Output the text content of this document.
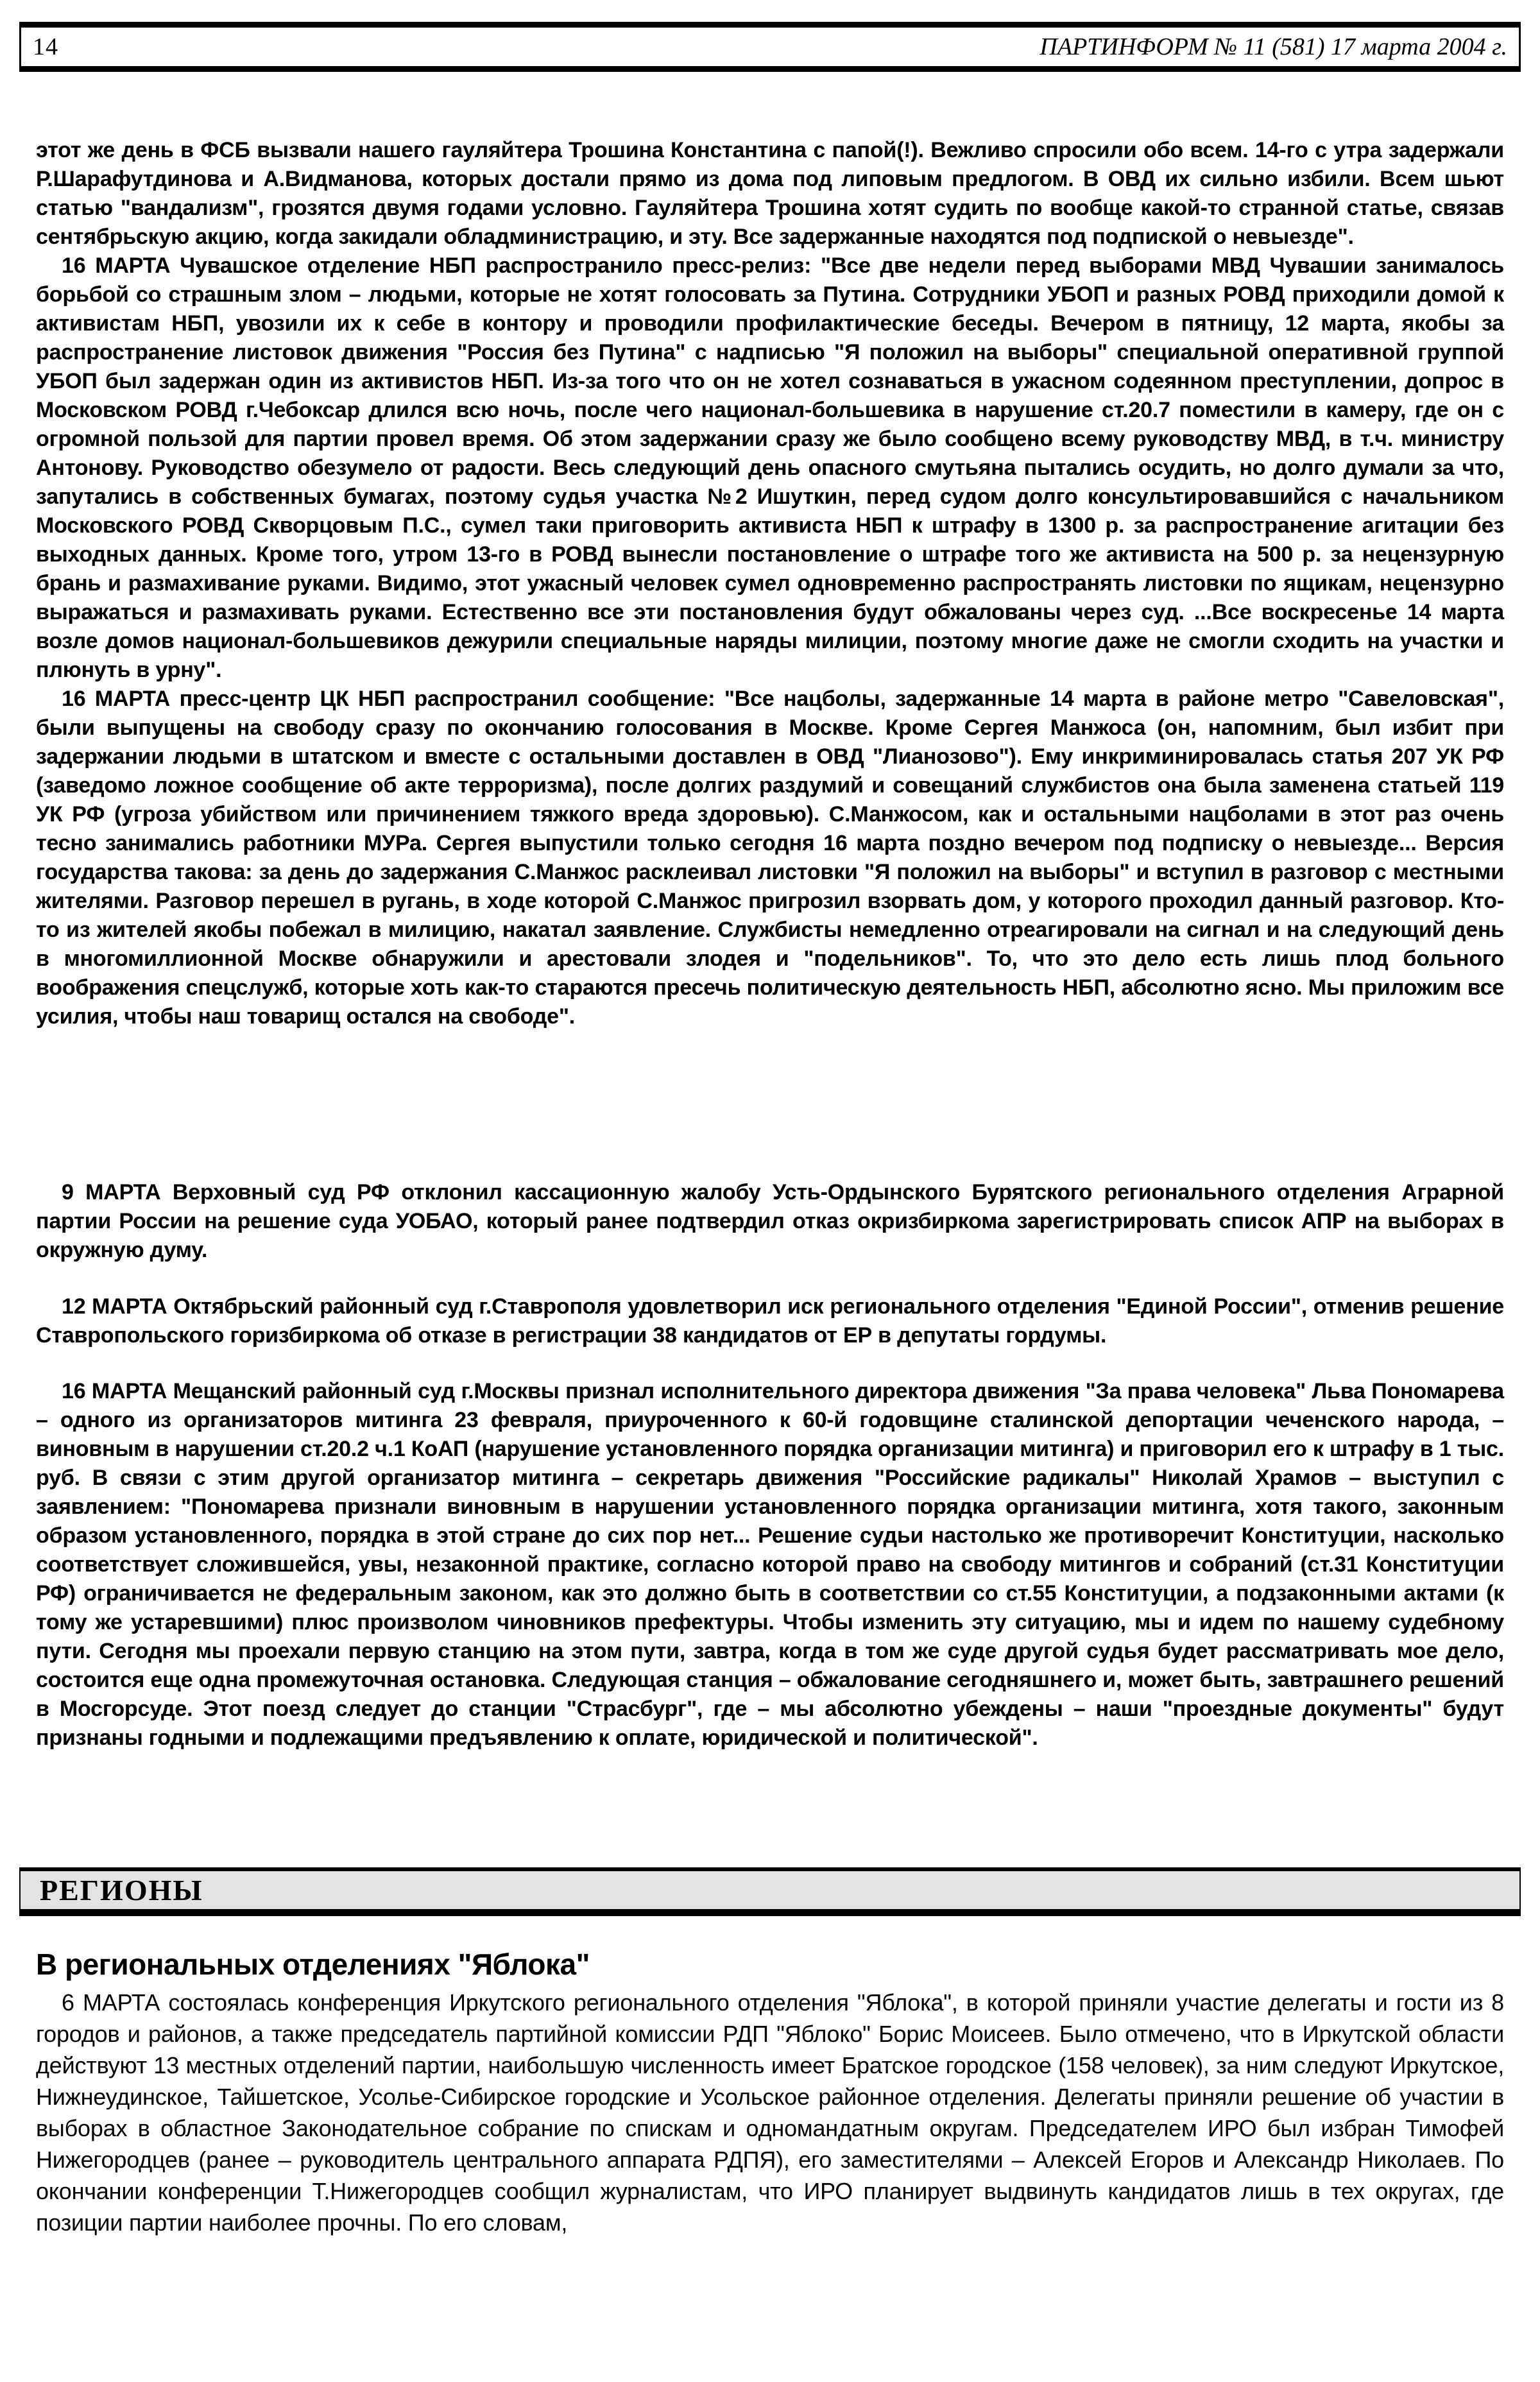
14	ПАРТИНФОРМ № 11 (581) 17 марта 2004 г.

этот же день в ФСБ вызвали нашего гауляйтера Трошина Константина с папой(!). Вежливо спросили обо всем. 14-го с утра задержали Р.Шарафутдинова и А.Видманова, которых достали прямо из дома под липовым предлогом. В ОВД их сильно избили. Всем шьют статью "вандализм", грозятся двумя годами условно. Гауляйтера Трошина хотят судить по вообще какой-то странной статье, связав сентябрьскую акцию, когда закидали обладминистрацию, и эту. Все задержанные находятся под подпиской о невыезде".

16 МАРТА Чувашское отделение НБП распространило пресс-релиз: "Все две недели перед выборами МВД Чувашии занималось борьбой со страшным злом – людьми, которые не хотят голосовать за Путина. Сотрудники УБОП и разных РОВД приходили домой к активистам НБП, увозили их к себе в контору и проводили профилактические беседы. Вечером в пятницу, 12 марта, якобы за распространение листовок движения "Россия без Путина" с надписью "Я положил на выборы" специальной оперативной группой УБОП был задержан один из активистов НБП. Из-за того что он не хотел сознаваться в ужасном содеянном преступлении, допрос в Московском РОВД г.Чебоксар длился всю ночь, после чего национал-большевика в нарушение ст.20.7 поместили в камеру, где он с огромной пользой для партии провел время. Об этом задержании сразу же было сообщено всему руководству МВД, в т.ч. министру Антонову. Руководство обезумело от радости. Весь следующий день опасного смутьяна пытались осудить, но долго думали за что, запутались в собственных бумагах, поэтому судья участка №2 Ишуткин, перед судом долго консультировавшийся с начальником Московского РОВД Скворцовым П.С., сумел таки приговорить активиста НБП к штрафу в 1300 р. за распространение агитации без выходных данных. Кроме того, утром 13-го в РОВД вынесли постановление о штрафе того же активиста на 500 р. за нецензурную брань и размахивание руками. Видимо, этот ужасный человек сумел одновременно распространять листовки по ящикам, нецензурно выражаться и размахивать руками. Естественно все эти постановления будут обжалованы через суд. ...Все воскресенье 14 марта возле домов национал-большевиков дежурили специальные наряды милиции, поэтому многие даже не смогли сходить на участки и плюнуть в урну".

16 МАРТА пресс-центр ЦК НБП распространил сообщение: "Все нацболы, задержанные 14 марта в районе метро "Савеловская", были выпущены на свободу сразу по окончанию голосования в Москве. Кроме Сергея Манжоса (он, напомним, был избит при задержании людьми в штатском и вместе с остальными доставлен в ОВД "Лианозово"). Ему инкриминировалась статья 207 УК РФ (заведомо ложное сообщение об акте терроризма), после долгих раздумий и совещаний службистов она была заменена статьей 119 УК РФ (угроза убийством или причинением тяжкого вреда здоровью). С.Манжосом, как и остальными нацболами в этот раз очень тесно занимались работники МУРа. Сергея выпустили только сегодня 16 марта поздно вечером под подписку о невыезде... Версия государства такова: за день до задержания С.Манжос расклеивал листовки "Я положил на выборы" и вступил в разговор с местными жителями. Разговор перешел в ругань, в ходе которой С.Манжос пригрозил взорвать дом, у которого проходил данный разговор. Кто-то из жителей якобы побежал в милицию, накатал заявление. Службисты немедленно отреагировали на сигнал и на следующий день в многомиллионной Москве обнаружили и арестовали злодея и "подельников". То, что это дело есть лишь плод больного воображения спецслужб, которые хоть как-то стараются пресечь политическую деятельность НБП, абсолютно ясно. Мы приложим все усилия, чтобы наш товарищ остался на свободе".

9 МАРТА Верховный суд РФ отклонил кассационную жалобу Усть-Ордынского Бурятского регионального отделения Аграрной партии России на решение суда УОБАО, который ранее подтвердил отказ окризбиркома зарегистрировать список АПР на выборах в окружную думу.

12 МАРТА Октябрьский районный суд г.Ставрополя удовлетворил иск регионального отделения "Единой России", отменив решение Ставропольского горизбиркома об отказе в регистрации 38 кандидатов от ЕР в депутаты гордумы.

16 МАРТА Мещанский районный суд г.Москвы признал исполнительного директора движения "За права человека" Льва Пономарева – одного из организаторов митинга 23 февраля, приуроченного к 60-й годовщине сталинской депортации чеченского народа, – виновным в нарушении ст.20.2 ч.1 КоАП (нарушение установленного порядка организации митинга) и приговорил его к штрафу в 1 тыс. руб. В связи с этим другой организатор митинга – секретарь движения "Российские радикалы" Николай Храмов – выступил с заявлением: "Пономарева признали виновным в нарушении установленного порядка организации митинга, хотя такого, законным образом установленного, порядка в этой стране до сих пор нет... Решение судьи настолько же противоречит Конституции, насколько соответствует сложившейся, увы, незаконной практике, согласно которой право на свободу митингов и собраний (ст.31 Конституции РФ) ограничивается не федеральным законом, как это должно быть в соответствии со ст.55 Конституции, а подзаконными актами (к тому же устаревшими) плюс произволом чиновников префектуры. Чтобы изменить эту ситуацию, мы и идем по нашему судебному пути. Сегодня мы проехали первую станцию на этом пути, завтра, когда в том же суде другой судья будет рассматривать мое дело, состоится еще одна промежуточная остановка. Следующая станция – обжалование сегодняшнего и, может быть, завтрашнего решений в Мосгорсуде. Этот поезд следует до станции "Страсбург", где – мы абсолютно убеждены – наши "проездные документы" будут признаны годными и подлежащими предъявлению к оплате, юридической и политической".

РЕГИОНЫ
В региональных отделениях "Яблока"

6 МАРТА состоялась конференция Иркутского регионального отделения "Яблока", в которой приняли участие делегаты и гости из 8 городов и районов, а также председатель партийной комиссии РДП "Яблоко" Борис Моисеев. Было отмечено, что в Иркутской области действуют 13 местных отделений партии, наибольшую численность имеет Братское городское (158 человек), за ним следуют Иркутское, Нижнеудинское, Тайшетское, Усолье-Сибирское городские и Усольское районное отделения. Делегаты приняли решение об участии в выборах в областное Законодательное собрание по спискам и одномандатным округам. Председателем ИРО был избран Тимофей Нижегородцев (ранее – руководитель центрального аппарата РДПЯ), его заместителями – Алексей Егоров и Александр Николаев. По окончании конференции Т.Нижегородцев сообщил журналистам, что ИРО планирует выдвинуть кандидатов лишь в тех округах, где позиции партии наиболее прочны. По его словам,
